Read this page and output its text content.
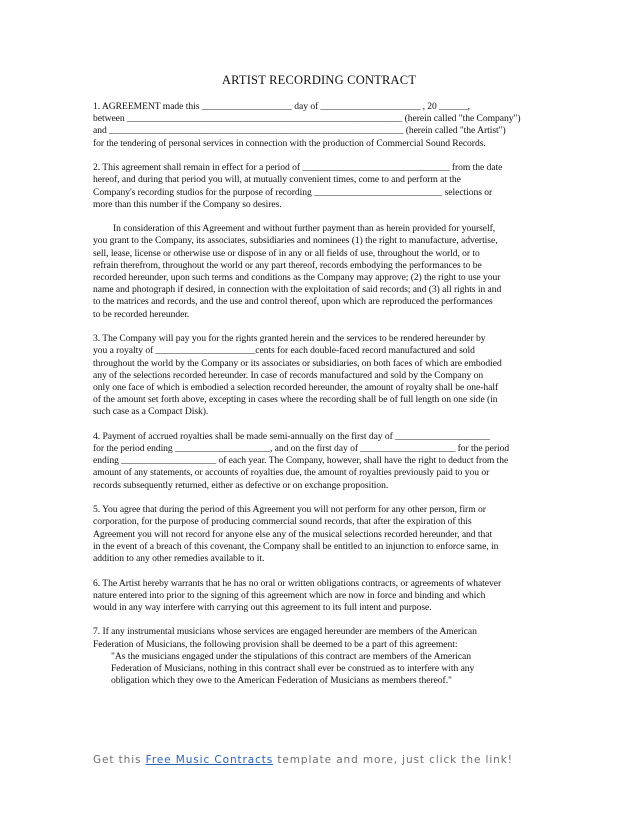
ARTIST RECORDING CONTRACT
1. AGREEMENT made this ___________________ day of _____________________ , 20 ______,
between __________________________________________________________ (herein called "the Company")
and ______________________________________________________________ (herein called "the Artist")
for the tendering of personal services in connection with the production of Commercial Sound Records.
2. This agreement shall remain in effect for a period of _______________________________ from the date
hereof, and during that period you will, at mutually convenient times, come to and perform at the
Company's recording studios for the purpose of recording ___________________________ selections or
more than this number if the Company so desires.
In consideration of this Agreement and without further payment than as herein provided for yourself,
you grant to the Company, its associates, subsidiaries and nominees (1) the right to manufacture, advertise,
sell, lease, license or otherwise use or dispose of in any or all fields of use, throughout the world, or to
refrain therefrom, throughout the world or any part thereof, records embodying the performances to be
recorded hereunder, upon such terms and conditions as the Company may approve; (2) the right to use your
name and photograph if desired, in connection with the exploitation of said records; and (3) all rights in and
to the matrices and records, and the use and control thereof, upon which are reproduced the performances
to be recorded hereunder.
3. The Company will pay you for the rights granted herein and the services to be rendered hereunder by
you a royalty of _____________________cents for each double-faced record manufactured and sold
throughout the world by the Company or its associates or subsidiaries, on both faces of which are embodied
any of the selections recorded hereunder. In case of records manufactured and sold by the Company on
only one face of which is embodied a selection recorded hereunder, the amount of royalty shall be one-half
of the amount set forth above, excepting in cases where the recording shall be of full length on one side (in
such case as a Compact Disk).
4. Payment of accrued royalties shall be made semi-annually on the first day of ____________________
for the period ending ____________________, and on the first day of ____________________ for the period
ending ____________________ of each year. The Company, however, shall have the right to deduct from the
amount of any statements, or accounts of royalties due, the amount of royalties previously paid to you or
records subsequently returned, either as defective or on exchange proposition.
5. You agree that during the period of this Agreement you will not perform for any other person, firm or
corporation, for the purpose of producing commercial sound records, that after the expiration of this
Agreement you will not record for anyone else any of the musical selections recorded hereunder, and that
in the event of a breach of this covenant, the Company shall be entitled to an injunction to enforce same, in
addition to any other remedies available to it.
6. The Artist hereby warrants that he has no oral or written obligations contracts, or agreements of whatever
nature entered into prior to the signing of this agreement which are now in force and binding and which
would in any way interfere with carrying out this agreement to its full intent and purpose.
7. If any instrumental musicians whose services are engaged hereunder are members of the American
Federation of Musicians, the following provision shall be deemed to be a part of this agreement:
"As the musicians engaged under the stipulations of this contract are members of the American
Federation of Musicians, nothing in this contract shall ever be construed as to interfere with any
obligation which they owe to the American Federation of Musicians as members thereof."
Get this Free Music Contracts template and more, just click the link!
